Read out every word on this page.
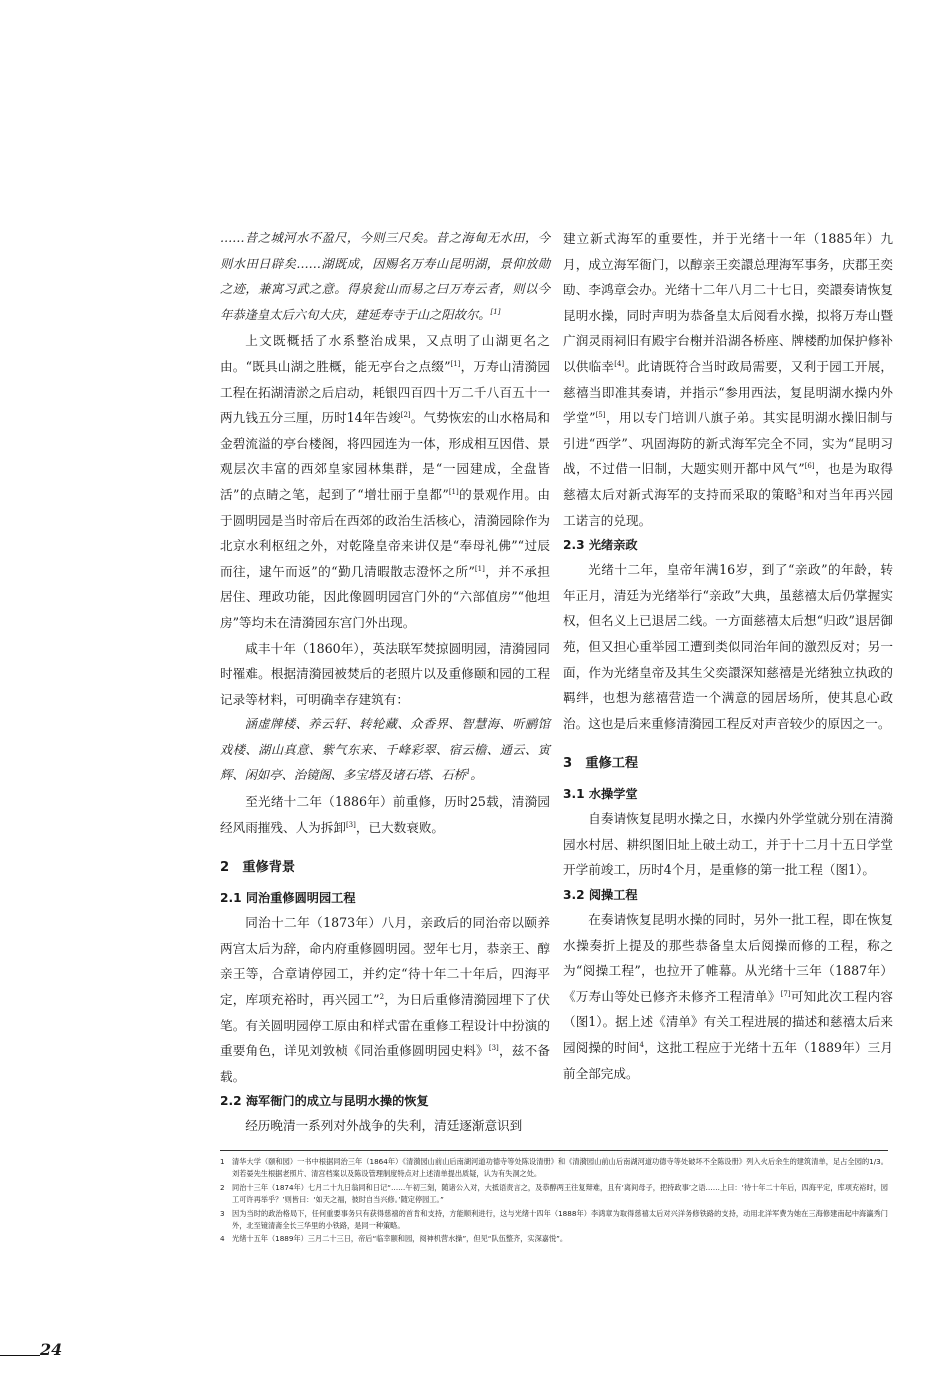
……昔之城河水不盈尺，今则三尺矣。昔之海甸无水田，今则水田日辟矣……湖既成，因赐名万寿山昆明湖，景仰放勋之迹，兼寓习武之意。得泉瓮山而易之曰万寿云者，则以今年恭逢皇太后六旬大庆，建延寿寺于山之阳故尔。[1]

上文既概括了水系整治成果，又点明了山湖更名之由。“既具山湖之胜概，能无亭台之点缀”[1]，万寿山清漪园工程在拓湖清淤之后启动，耗银四百四十万二千八百五十一两九钱五分三厘，历时14年告竣[2]。气势恢宏的山水格局和金碧流溢的亭台楼阁，将四园连为一体，形成相互因借、景观层次丰富的西郊皇家园林集群，是“一园建成，全盘皆活”的点睛之笔，起到了“增壮丽于皇都”[1]的景观作用。由于圆明园是当时帝后在西郊的政治生活核心，清漪园除作为北京水利枢纽之外，对乾隆皇帝来讲仅是“奉母礼佛”“过辰而往，逮午而返”的“勤几清暇散志澄怀之所”[1]，并不承担居住、理政功能，因此像圆明园宫门外的“六部值房”“他坦房”等均未在清漪园东宫门外出现。

咸丰十年（1860年），英法联军焚掠圆明园，清漪园同时罹难。根据清漪园被焚后的老照片以及重修颐和园的工程记录等材料，可明确幸存建筑有：

涵虚牌楼、养云轩、转轮藏、众香界、智慧海、听鹂馆戏楼、湖山真意、紫气东来、千峰彩翠、宿云檐、通云、寅辉、闲如亭、治镜阁、多宝塔及诸石塔、石桥$^1$。

至光绪十二年（1886年）前重修，历时25载，清漪园经风雨摧残、人为拆卸[3]，已大数衰败。

2　重修背景

2.1 同治重修圆明园工程

同治十二年（1873年）八月，亲政后的同治帝以颐养两宫太后为辞，命内府重修圆明园。翌年七月，恭亲王、醇亲王等，合章请停园工，并约定“待十年二十年后，四海平定，库项充裕时，再兴园工”$^2$，为日后重修清漪园埋下了伏笔。有关圆明园停工原由和样式雷在重修工程设计中扮演的重要角色，详见刘敦桢《同治重修圆明园史料》[3]，兹不备载。

2.2 海军衙门的成立与昆明水操的恢复

经历晚清一系列对外战争的失利，清廷逐渐意识到

建立新式海军的重要性，并于光绪十一年（1885年）九月，成立海军衙门，以醇亲王奕譞总理海军事务，庆郡王奕劻、李鸿章会办。光绪十二年八月二十七日，奕譞奏请恢复昆明水操，同时声明为恭备皇太后阅看水操，拟将万寿山暨广润灵雨祠旧有殿宇台榭并沿湖各桥座、牌楼酌加保护修补以供临幸[4]。此请既符合当时政局需要，又利于园工开展，慈禧当即准其奏请，并指示“参用西法，复昆明湖水操内外学堂”[5]，用以专门培训八旗子弟。其实昆明湖水操旧制与引进“西学”、巩固海防的新式海军完全不同，实为“昆明习战，不过借一旧制，大题实则开都中风气”[6]，也是为取得慈禧太后对新式海军的支持而采取的策略$^3$和对当年再兴园工诺言的兑现。

2.3 光绪亲政

光绪十二年，皇帝年满16岁，到了“亲政”的年龄，转年正月，清廷为光绪举行“亲政”大典，虽慈禧太后仍掌握实权，但名义上已退居二线。一方面慈禧太后想“归政”退居御苑，但又担心重举园工遭到类似同治年间的激烈反对；另一面，作为光绪皇帝及其生父奕譞深知慈禧是光绪独立执政的羁绊，也想为慈禧营造一个满意的园居场所，使其息心政治。这也是后来重修清漪园工程反对声音较少的原因之一。

3　重修工程

3.1 水操学堂

自奏请恢复昆明水操之日，水操内外学堂就分别在清漪园水村居、耕织图旧址上破土动工，并于十二月十五日学堂开学前竣工，历时4个月，是重修的第一批工程（图1）。

3.2 阅操工程

在奏请恢复昆明水操的同时，另外一批工程，即在恢复水操奏折上提及的那些恭备皇太后阅操而修的工程，称之为“阅操工程”，也拉开了帷幕。从光绪十三年（1887年）《万寿山等处已修齐未修齐工程清单》[7]可知此次工程内容（图1）。据上述《清单》有关工程进展的描述和慈禧太后来园阅操的时间$^4$，这批工程应于光绪十五年（1889年）三月前全部完成。

1	清华大学（颐和园）一书中根据同治三年（1864年）《清漪园山前山后南湖河道功德寺等处陈设清册》和《清漪园山前山后南湖河道功德寺等处破坏不全陈设册》列入火后余生的建筑清单，足占全园的1/3。刘若晏先生根据老照片、清宫档案以及陈设管理制度特点对上述清单提出质疑，认为有失洞之处。
2	同治十三年（1874年）七月二十九日翁同和日记“……午初三刻，随诸公入对，大抵语责言之，及恭醇两王往复辩难，且有‘离间母子，把持政事’之语……上曰：‘待十年二十年后，四海平定，库项充裕时，园工可许再举乎？’则皆曰：‘如天之福，彼时自当兴修。’随定停园工。”
3	因为当时的政治格局下，任何重要事务只有获得慈禧的首肯和支持，方能顺利进行，这与光绪十四年（1888年）李鸿章为取得慈禧太后对兴洋务修铁路的支持，动用北洋军费为她在三海修建南起中海瀛秀门外，北至镜清斋全长三华里的小铁路，是同一种策略。
4	光绪十五年（1889年）三月二十三日，帝后“临幸颐和园，阅神机营水操”，但见“队伍整齐，实深嘉悦”。
24
